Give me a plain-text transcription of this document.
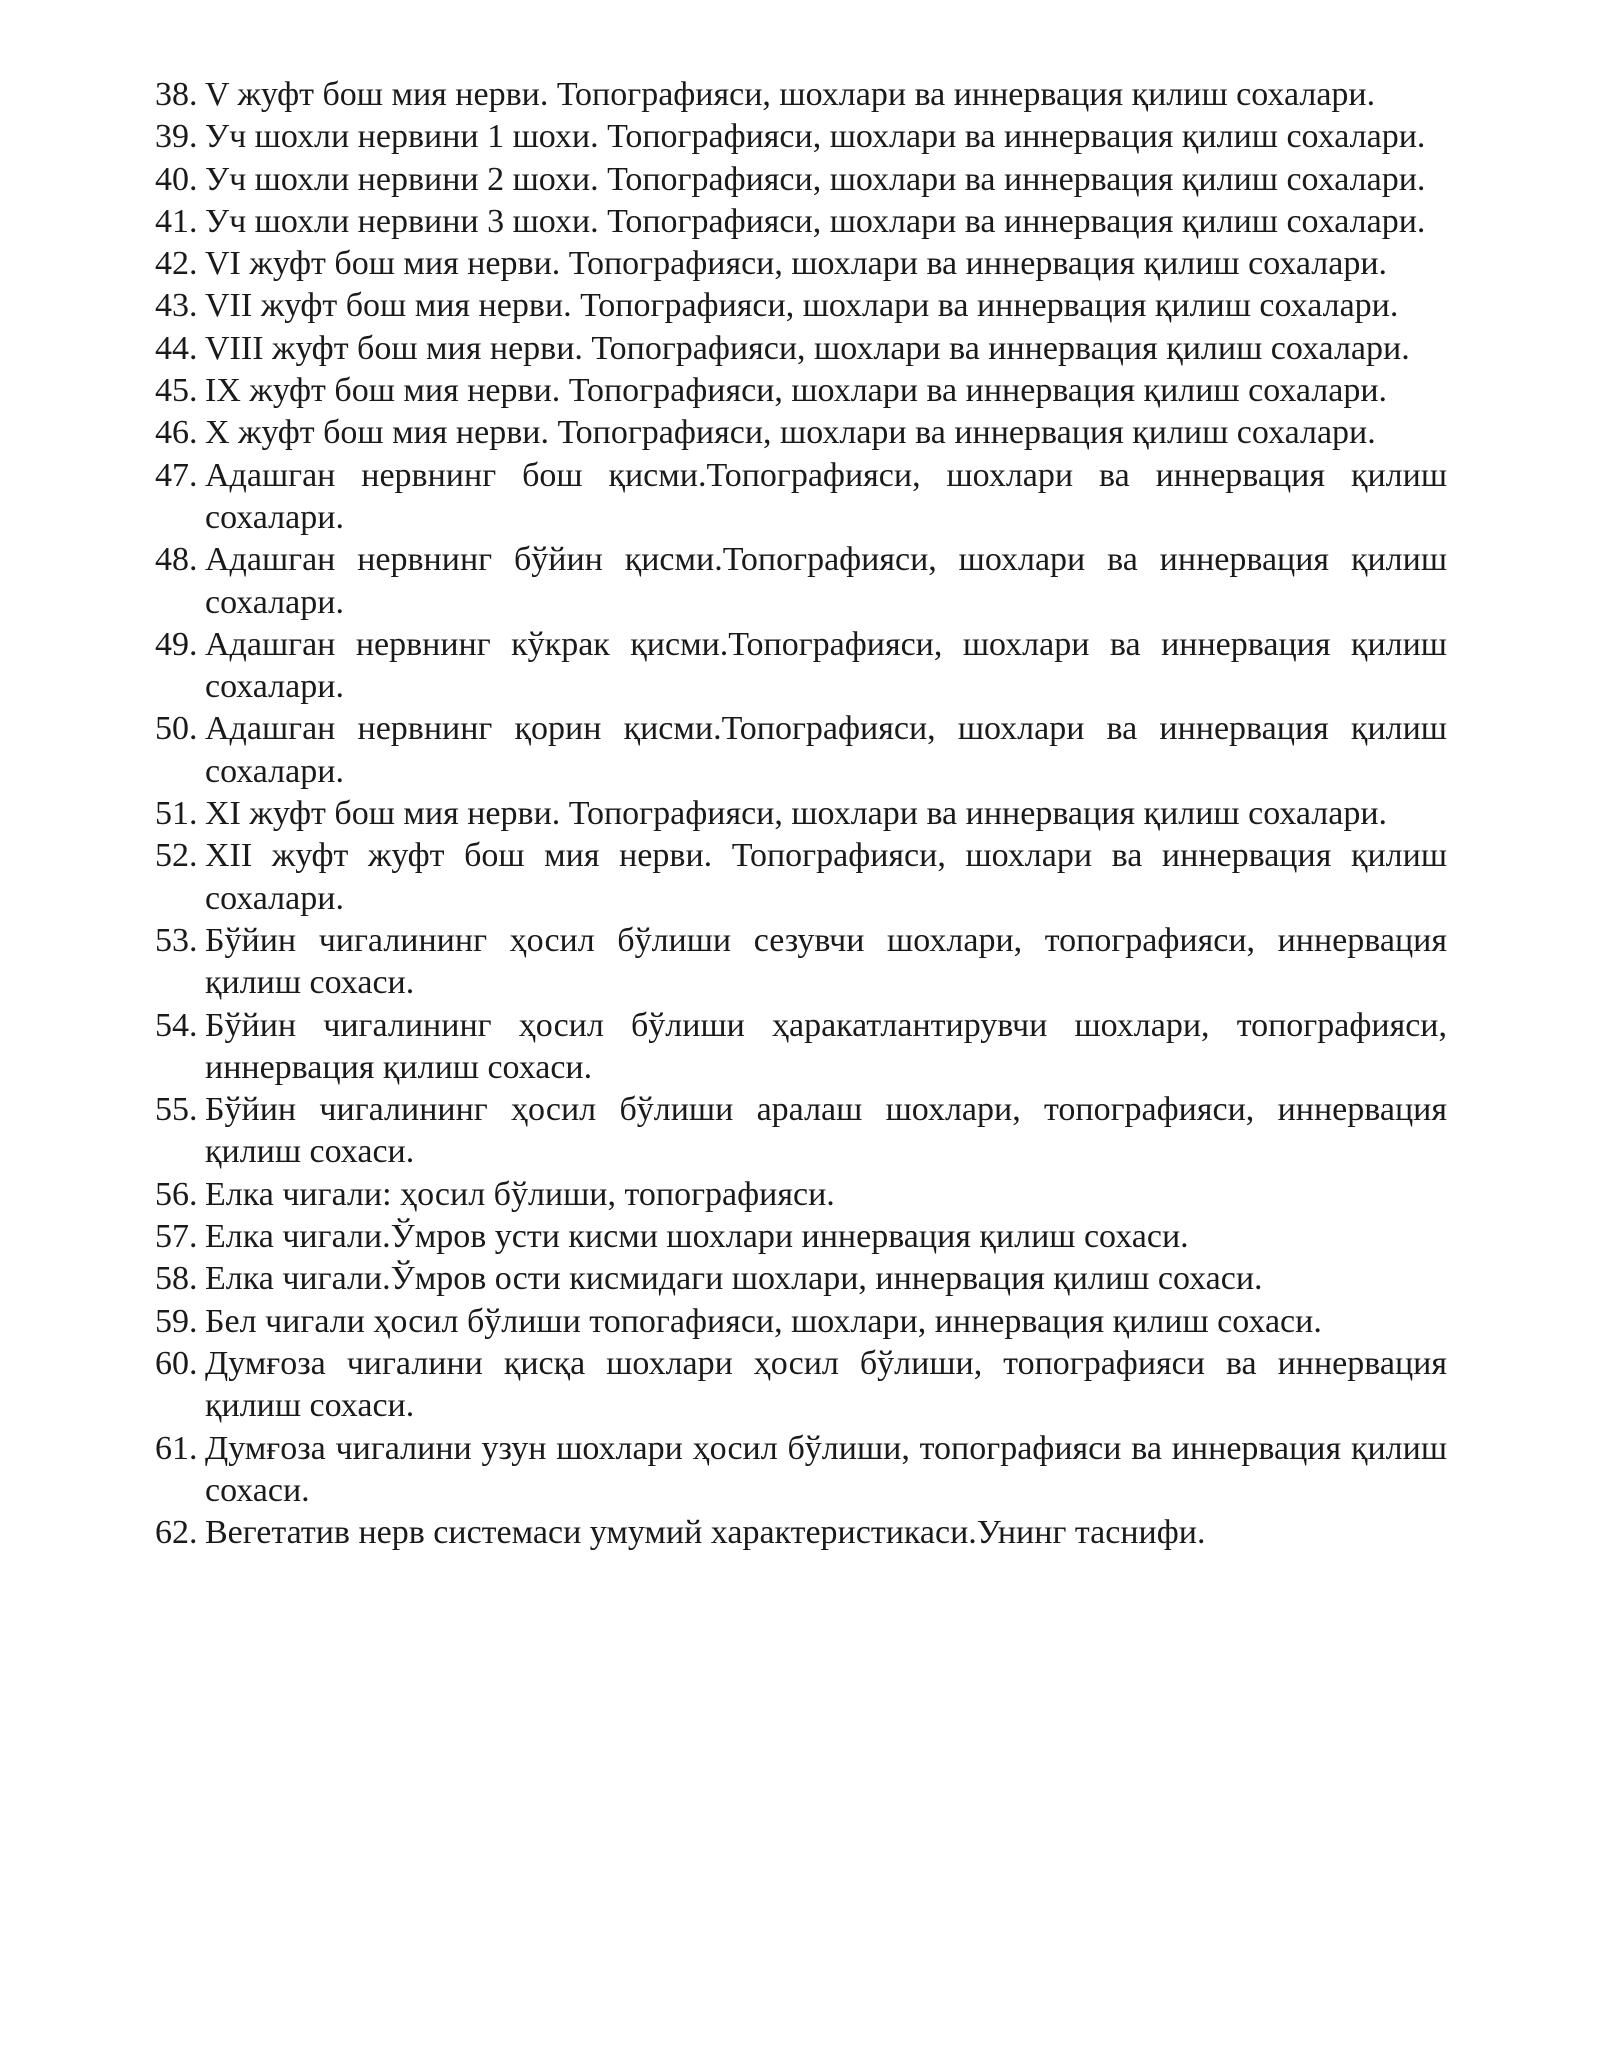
38. V жуфт бош мия нерви. Топографияси, шохлари ва иннервация қилиш сохалари.
39. Уч шохли нервини 1 шохи. Топографияси, шохлари ва иннервация қилиш сохалари.
40. Уч шохли нервини 2 шохи. Топографияси, шохлари ва иннервация қилиш сохалари.
41. Уч шохли нервини 3 шохи. Топографияси, шохлари ва иннервация қилиш сохалари.
42. VI жуфт бош мия нерви. Топографияси, шохлари ва иннервация қилиш сохалари.
43. VII жуфт бош мия нерви. Топографияси, шохлари ва иннервация қилиш сохалари.
44. VIII жуфт бош мия нерви. Топографияси, шохлари ва иннервация қилиш сохалари.
45. IX жуфт бош мия нерви. Топографияси, шохлари ва иннервация қилиш сохалари.
46. X жуфт бош мия нерви. Топографияси, шохлари ва иннервация қилиш сохалари.
47. Адашган нервнинг бош қисми.Топографияси, шохлари ва иннервация қилиш сохалари.
48. Адашган нервнинг бўйин қисми.Топографияси, шохлари ва иннервация қилиш сохалари.
49. Адашган нервнинг кўкрак қисми.Топографияси, шохлари ва иннервация қилиш сохалари.
50. Адашган нервнинг қорин қисми.Топографияси, шохлари ва иннервация қилиш сохалари.
51. XI жуфт бош мия нерви. Топографияси, шохлари ва иннервация қилиш сохалари.
52. XII жуфт жуфт бош мия нерви. Топографияси, шохлари ва иннервация қилиш сохалари.
53. Бўйин чигалининг ҳосил бўлиши сезувчи шохлари, топографияси, иннервация қилиш сохаси.
54. Бўйин чигалининг ҳосил бўлиши ҳаракатлантирувчи шохлари, топографияси, иннервация қилиш сохаси.
55. Бўйин чигалининг ҳосил бўлиши аралаш шохлари, топографияси, иннервация қилиш сохаси.
56. Елка чигали: ҳосил бўлиши, топографияси.
57. Елка чигали.Ўмров усти кисми шохлари иннервация қилиш сохаси.
58. Елка чигали.Ўмров ости кисмидаги шохлари, иннервация қилиш сохаси.
59. Бел чигали ҳосил бўлиши топогафияси, шохлари, иннервация қилиш сохаси.
60. Думғоза чигалини қисқа шохлари ҳосил бўлиши, топографияси ва иннервация қилиш сохаси.
61. Думғоза чигалини узун шохлари ҳосил бўлиши, топографияси ва иннервация қилиш сохаси.
62. Вегетатив нерв системаси умумий характеристикаси.Унинг таснифи.
